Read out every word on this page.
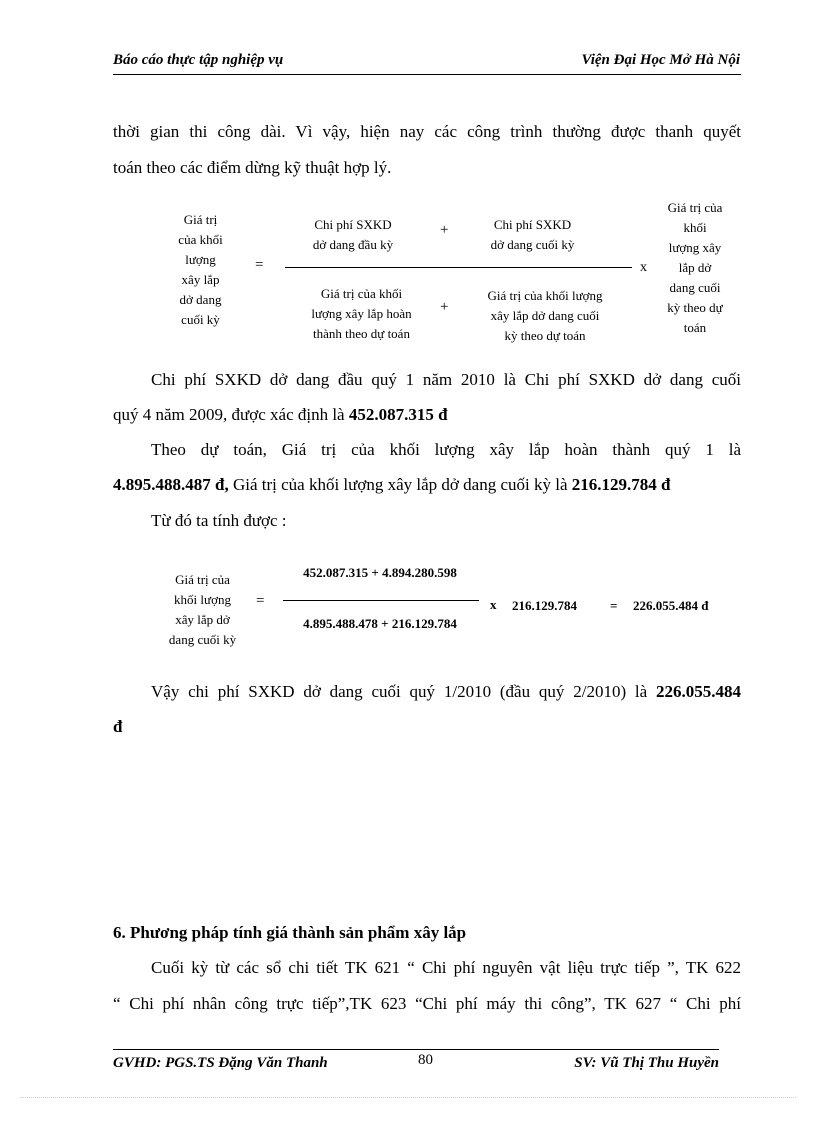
Báo cáo thực tập nghiệp vụ	Viện Đại Học Mở Hà Nội
thời gian thi công dài. Vì vậy, hiện nay các công trình thường được thanh quyết
toán theo các điểm dừng kỹ thuật hợp lý.
Giá trị
của khối
lượng
xây lắp
dở dang
cuối kỳ
=
Chi phí SXKD
dở dang đầu kỳ
+	Chi phí SXKD
dở dang cuối kỳ
x
Giá trị của khối
lượng xây lắp hoàn
thành theo dự toán
+
Giá trị của khối lượng
xây lắp dở dang cuối
kỳ theo dự toán
Giá trị của
khối
lượng xây
lắp dở
dang cuối
kỳ theo dự
toán
Chi phí SXKD dở dang đầu quý 1 năm 2010 là Chi phí SXKD dở dang cuối
quý 4 năm 2009, được xác định là 452.087.315 đ
Theo dự toán, Giá trị của khối lượng xây lắp hoàn thành quý 1 là
4.895.488.487 đ, Giá trị của khối lượng xây lắp dở dang cuối kỳ là 216.129.784 đ
Từ đó ta tính được :
Giá trị của
khối lượng
xây lắp dở
dang cuối kỳ
=
452.087.315 + 4.894.280.598
4.895.488.478 + 216.129.784
x 216.129.784	= 226.055.484 đ
Vậy chi phí SXKD dở dang cuối quý 1/2010 (đầu quý 2/2010) là 226.055.484
đ
6. Phương pháp tính giá thành sản phẩm xây lắp
Cuối kỳ từ các sổ chi tiết TK 621 “ Chi phí nguyên vật liệu trực tiếp ”, TK 622
“ Chi phí nhân công trực tiếp”,TK 623 “Chi phí máy thi công”, TK 627 “ Chi phí
GVHD: PGS.TS Đặng Văn Thanh	80	SV: Vũ Thị Thu Huyền
